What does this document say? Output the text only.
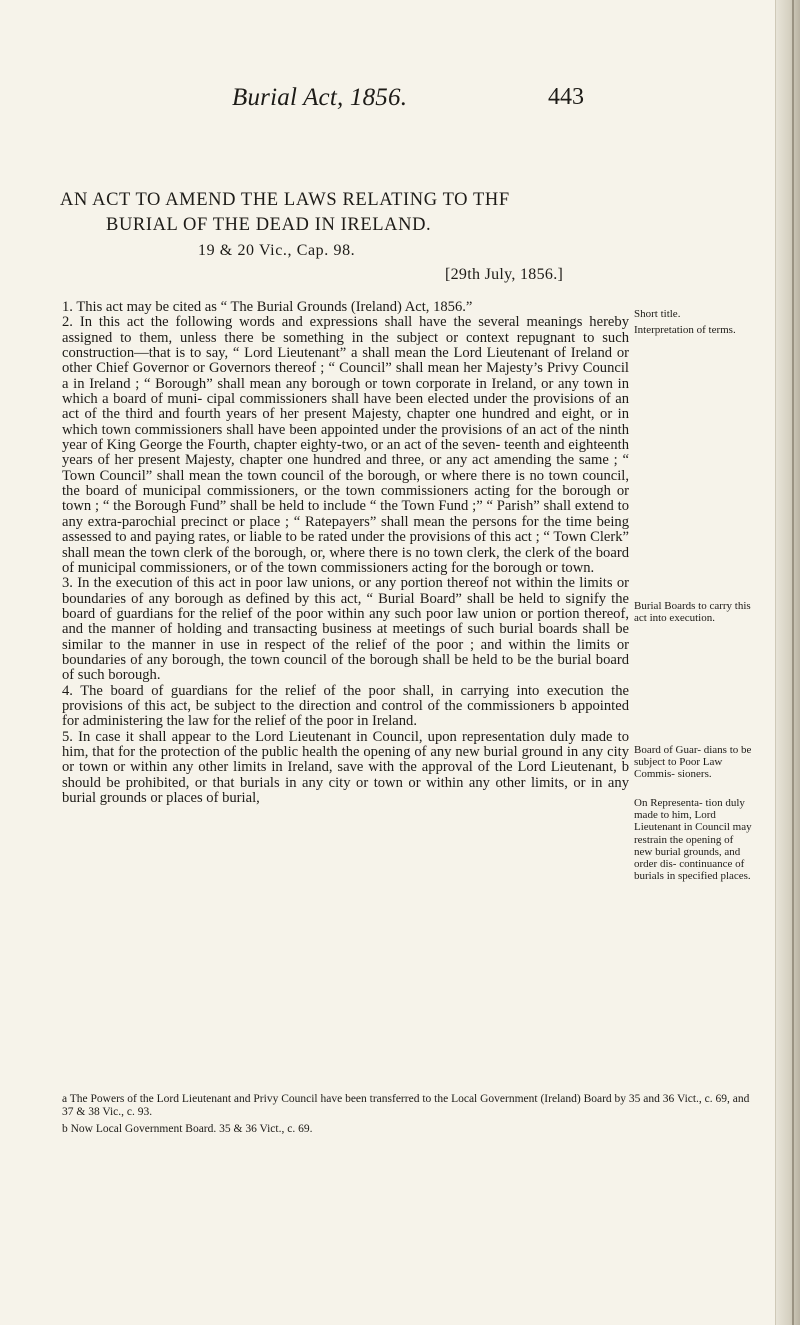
Burial Act, 1856.	443

AN ACT TO AMEND THE LAWS RELATING TO THF

BURIAL OF THE DEAD IN IRELAND.

19 & 20 Vic., Cap. 98.
[29th July, 1856.]

1. This act may be cited as “ The Burial Grounds (Ireland) Act, 1856.”

2. In this act the following words and expressions shall have the several meanings hereby assigned to them, unless there be something in the subject or context repugnant to such construction—that is to say, “ Lord Lieutenant” a shall mean the Lord Lieutenant of Ireland or other Chief Governor or Governors thereof ; “ Council” shall mean her Majesty’s Privy Council a in Ireland ; “ Borough” shall mean any borough or town corporate in Ireland, or any town in which a board of muni- cipal commissioners shall have been elected under the provisions of an act of the third and fourth years of her present Majesty, chapter one hundred and eight, or in which town commissioners shall have been appointed under the provisions of an act of the ninth year of King George the Fourth, chapter eighty-two, or an act of the seven- teenth and eighteenth years of her present Majesty, chapter one hundred and three, or any act amending the same ; “ Town Council” shall mean the town council of the borough, or where there is no town council, the board of municipal commissioners, or the town commissioners acting for the borough or town ; “ the Borough Fund” shall be held to include “ the Town Fund ;” “ Parish” shall extend to any extra-parochial precinct or place ; “ Ratepayers” shall mean the persons for the time being assessed to and paying rates, or liable to be rated under the provisions of this act ; “ Town Clerk” shall mean the town clerk of the borough, or, where there is no town clerk, the clerk of the board of municipal commissioners, or of the town commissioners acting for the borough or town.

3. In the execution of this act in poor law unions, or any portion thereof not within the limits or boundaries of any borough as defined by this act, “ Burial Board” shall be held to signify the board of guardians for the relief of the poor within any such poor law union or portion thereof, and the manner of holding and transacting business at meetings of such burial boards shall be similar to the manner in use in respect of the relief of the poor ; and within the limits or boundaries of any borough, the town council of the borough shall be held to be the burial board of such borough.

4. The board of guardians for the relief of the poor shall, in carrying into execution the provisions of this act, be subject to the direction and control of the commissioners b appointed for administering the law for the relief of the poor in Ireland.

5. In case it shall appear to the Lord Lieutenant in Council, upon representation duly made to him, that for the protection of the public health the opening of any new burial ground in any city or town or within any other limits in Ireland, save with the approval of the Lord Lieutenant, b should be prohibited, or that burials in any city or town or within any other limits, or in any burial grounds or places of burial,

Short title.
Interpretation of terms.
Burial Boards to carry this act into execution.
Board of Guar- dians to be subject to Poor Law Commis- sioners.
On Representa- tion duly made to him, Lord Lieutenant in Council may restrain the opening of new burial grounds, and order dis- continuance of burials in specified places.

a The Powers of the Lord Lieutenant and Privy Council have been transferred to the Local Government (Ireland) Board by 35 and 36 Vict., c. 69, and 37 & 38 Vic., c. 93.

b Now Local Government Board. 35 & 36 Vict., c. 69.
